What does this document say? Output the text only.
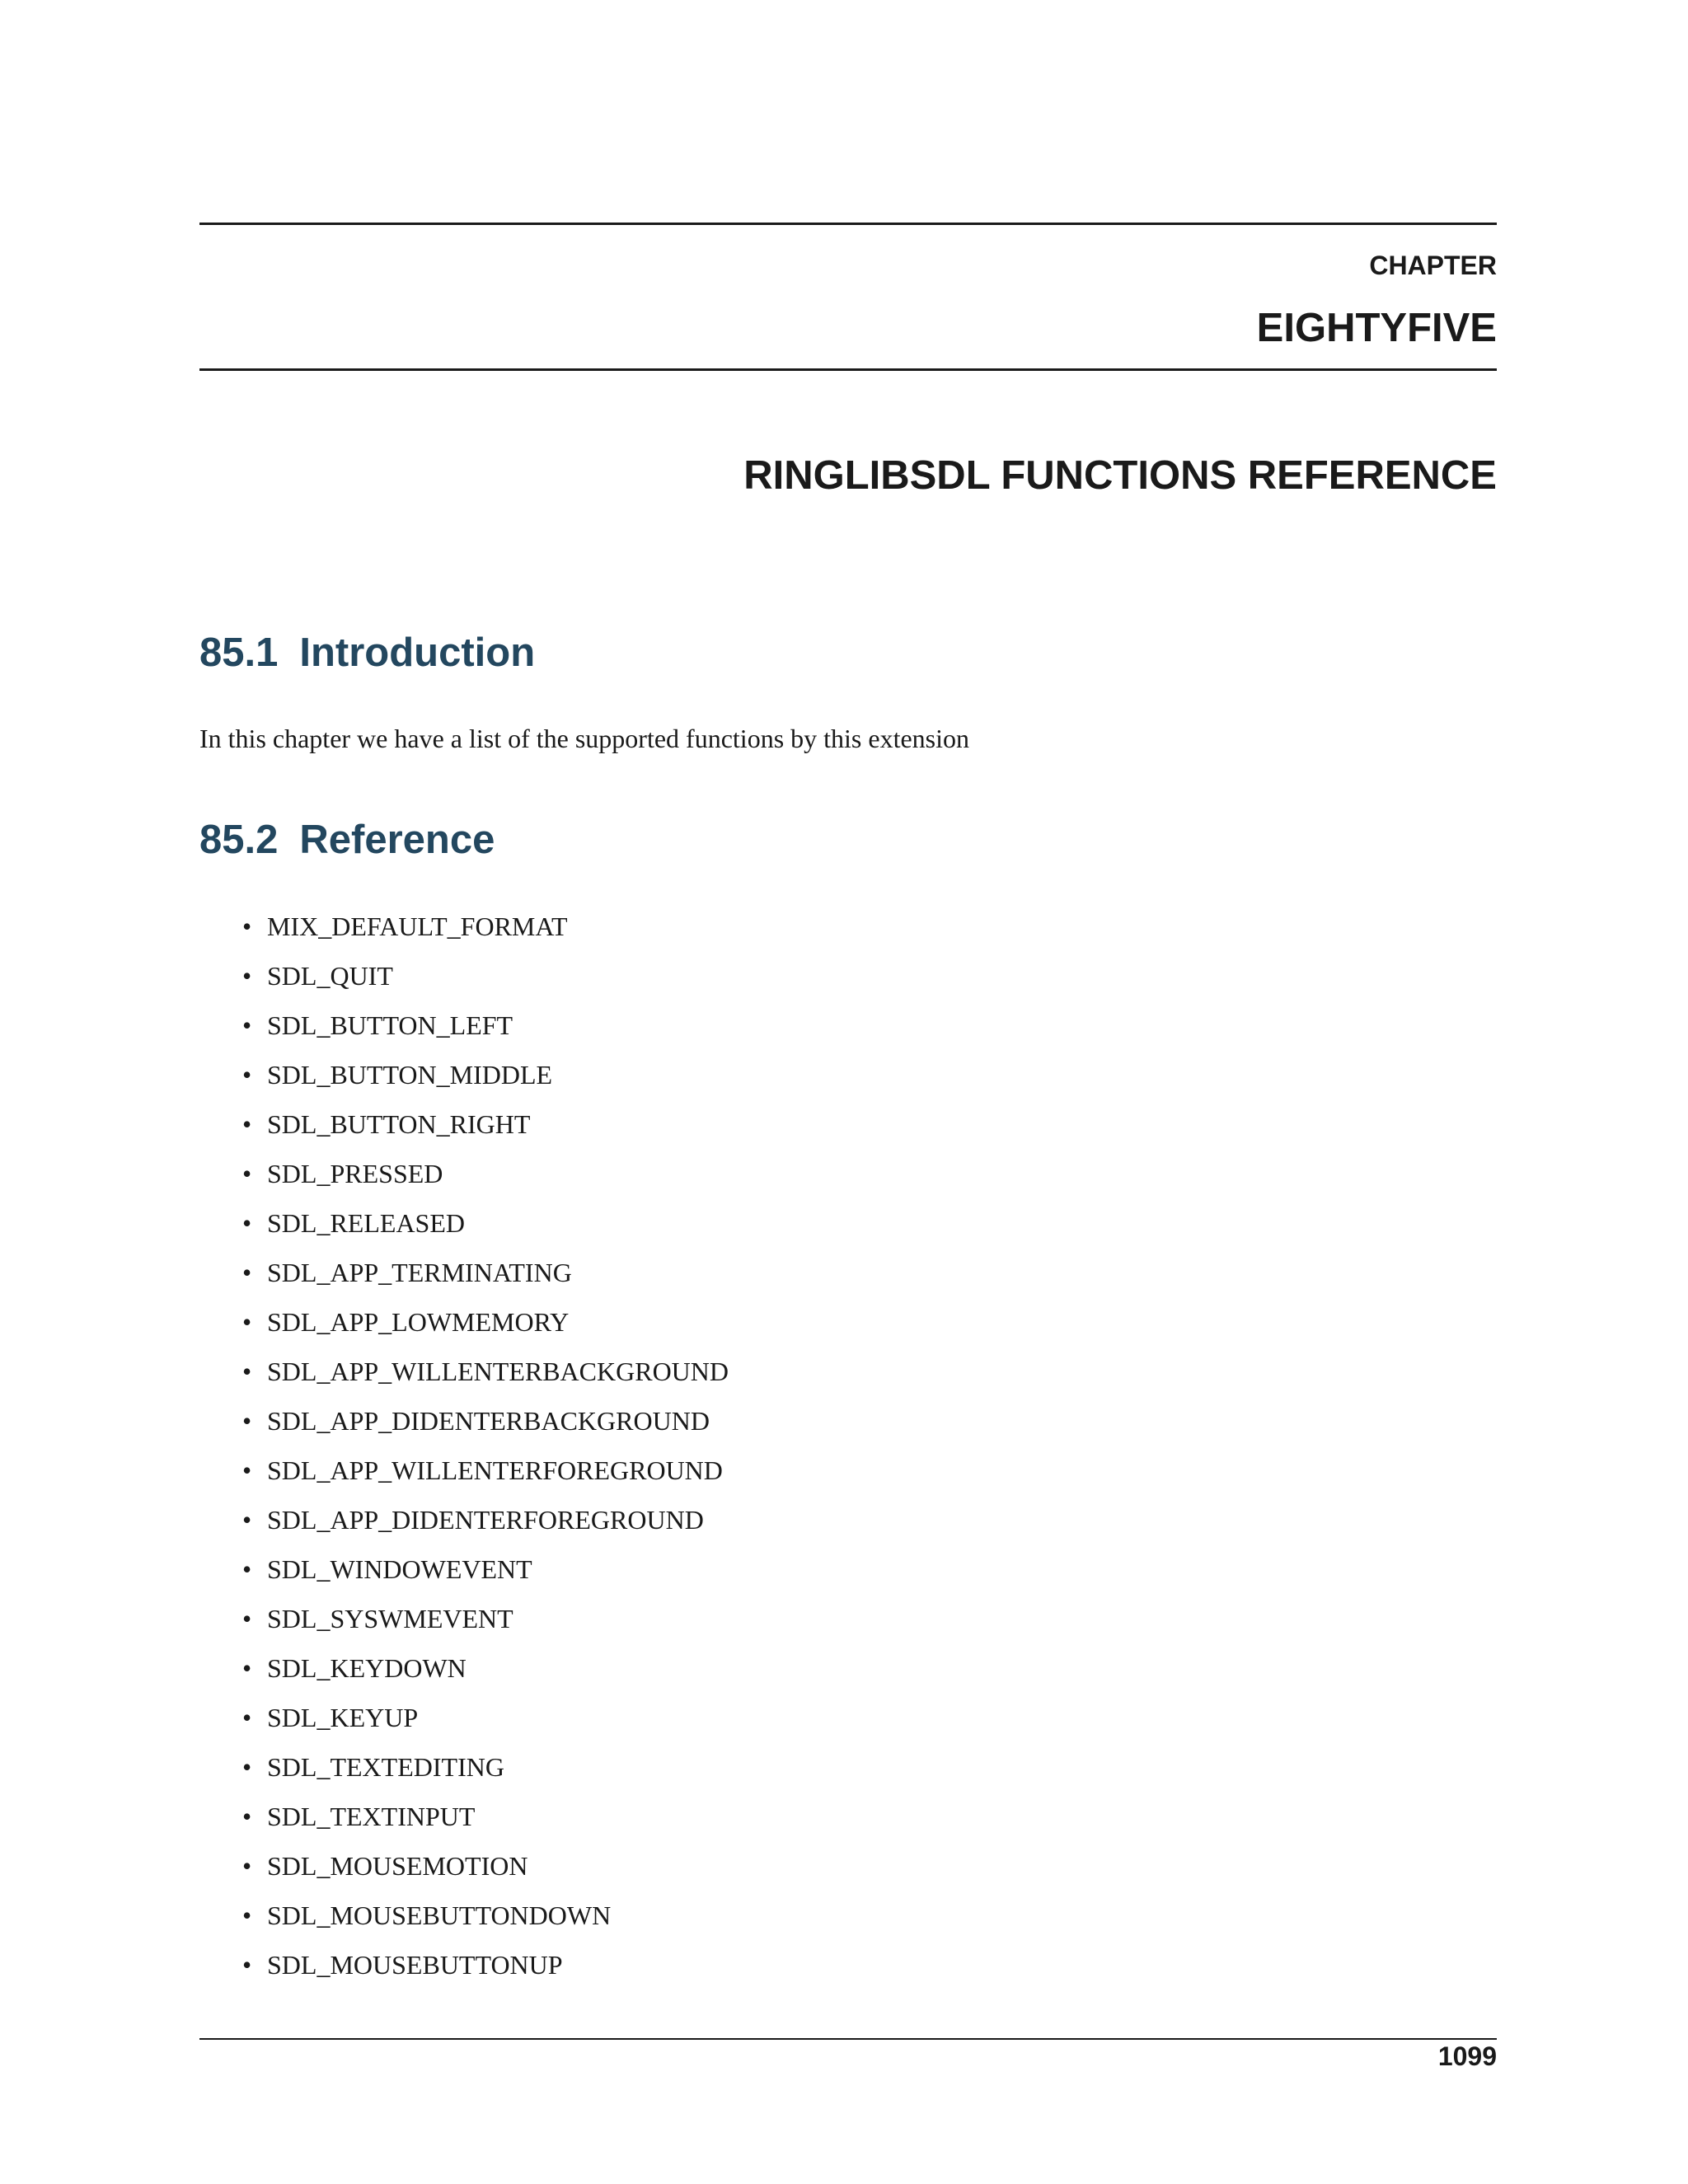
CHAPTER

EIGHTYFIVE

RINGLIBSDL FUNCTIONS REFERENCE
85.1 Introduction

In this chapter we have a list of the supported functions by this extension

85.2 Reference
• MIX_DEFAULT_FORMAT
• SDL_QUIT
• SDL_BUTTON_LEFT
• SDL_BUTTON_MIDDLE
• SDL_BUTTON_RIGHT
• SDL_PRESSED
• SDL_RELEASED
• SDL_APP_TERMINATING
• SDL_APP_LOWMEMORY
• SDL_APP_WILLENTERBACKGROUND
• SDL_APP_DIDENTERBACKGROUND
• SDL_APP_WILLENTERFOREGROUND
• SDL_APP_DIDENTERFOREGROUND
• SDL_WINDOWEVENT
• SDL_SYSWMEVENT
• SDL_KEYDOWN
• SDL_KEYUP
• SDL_TEXTEDITING
• SDL_TEXTINPUT
• SDL_MOUSEMOTION
• SDL_MOUSEBUTTONDOWN
• SDL_MOUSEBUTTONUP

1099
